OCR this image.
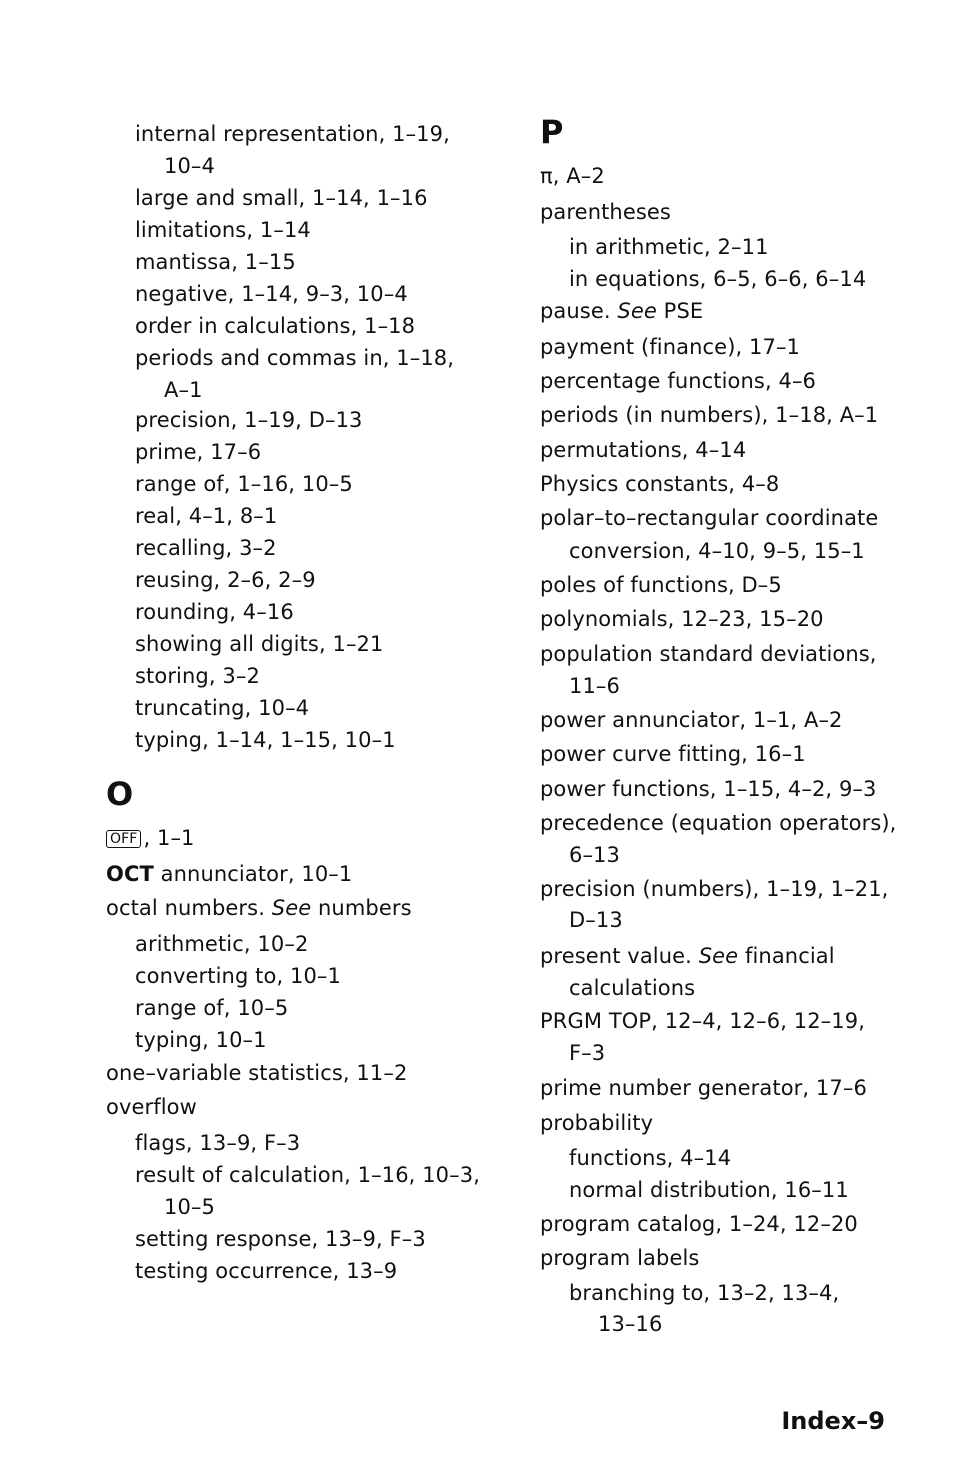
internal representation, 1–19,
10–4
large and small, 1–14, 1–16
limitations, 1–14
mantissa, 1–15
negative, 1–14, 9–3, 10–4
order in calculations, 1–18
periods and commas in, 1–18,
A–1
precision, 1–19, D–13
prime, 17–6
range of, 1–16, 10–5
real, 4–1, 8–1
recalling, 3–2
reusing, 2–6, 2–9
rounding, 4–16
showing all digits, 1–21
storing, 3–2
truncating, 10–4
typing, 1–14, 1–15, 10–1
O
OFF , 1–1
OCT annunciator, 10–1
octal numbers. See numbers
arithmetic, 10–2
converting to, 10–1
range of, 10–5
typing, 10–1
one–variable statistics, 11–2
overflow
flags, 13–9, F–3
result of calculation, 1–16, 10–3,
10–5
setting response, 13–9, F–3
testing occurrence, 13–9
P
π, A–2
parentheses
in arithmetic, 2–11
in equations, 6–5, 6–6, 6–14
pause. See PSE
payment (finance), 17–1
percentage functions, 4–6
periods (in numbers), 1–18, A–1
permutations, 4–14
Physics constants, 4–8
polar–to–rectangular coordinate
conversion, 4–10, 9–5, 15–1
poles of functions, D–5
polynomials, 12–23, 15–20
population standard deviations,
11–6
power annunciator, 1–1, A–2
power curve fitting, 16–1
power functions, 1–15, 4–2, 9–3
precedence (equation operators),
6–13
precision (numbers), 1–19, 1–21,
D–13
present value. See financial
calculations
PRGM TOP, 12–4, 12–6, 12–19,
F–3
prime number generator, 17–6
probability
functions, 4–14
normal distribution, 16–11
program catalog, 1–24, 12–20
program labels
branching to, 13–2, 13–4,
13–16
Index–9
